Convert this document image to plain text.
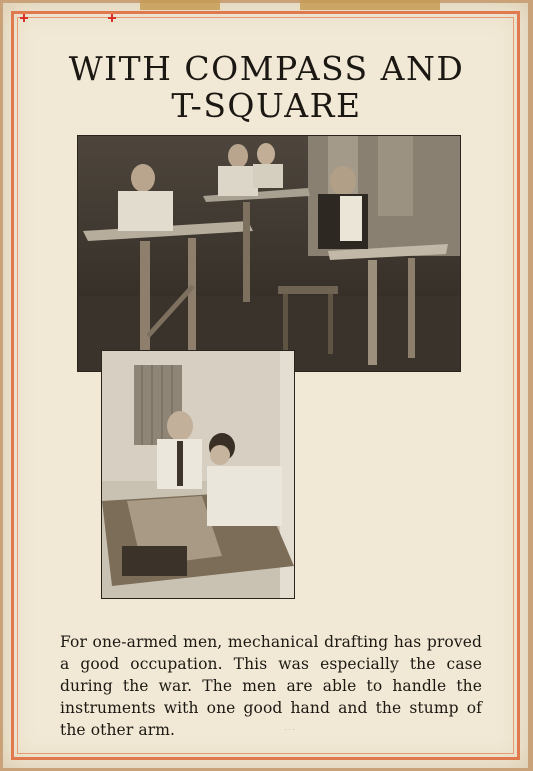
WITH COMPASS AND
T-SQUARE

For one-armed men, mechanical drafting has proved a good occupation. This was especially the case during the war. The men are able to handle the instruments with one good hand and the stump of the other arm.	· · ·
